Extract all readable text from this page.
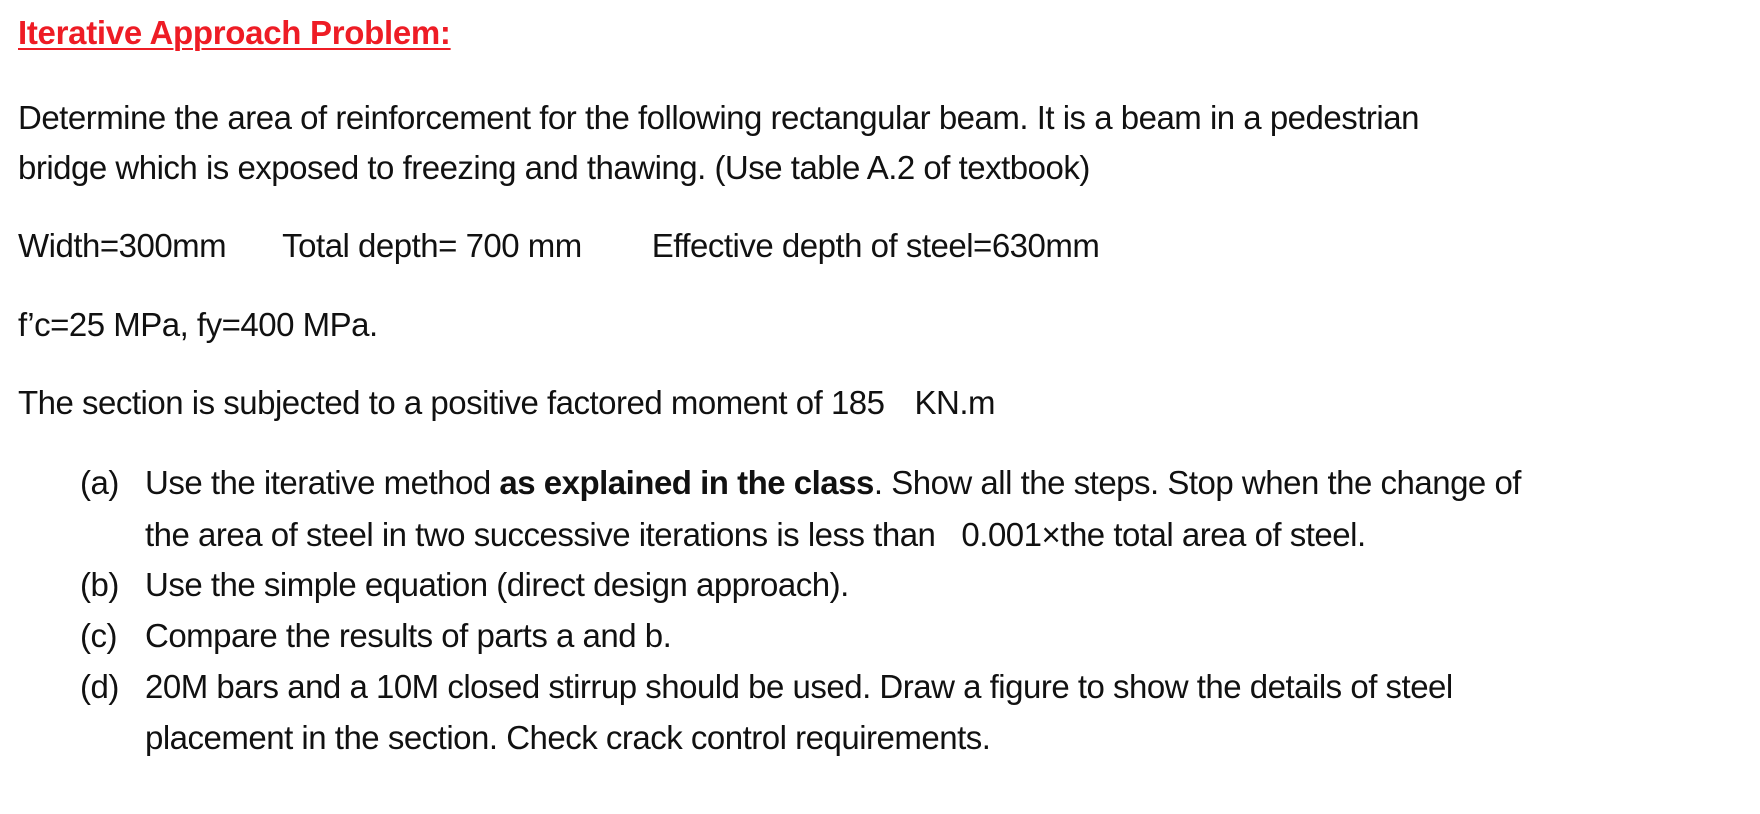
Iterative Approach Problem:
Determine the area of reinforcement for the following rectangular beam. It is a beam in a pedestrian
bridge which is exposed to freezing and thawing. (Use table A.2 of textbook)
Width=300mm Total depth= 700 mm Effective depth of steel=630mm
f’c=25 MPa, fy=400 MPa.
The section is subjected to a positive factored moment of 185 KN.m
(a) Use the iterative method as explained in the class. Show all the steps. Stop when the change of
the area of steel in two successive iterations is less than 0.001×the total area of steel.
(b) Use the simple equation (direct design approach).
(c) Compare the results of parts a and b.
(d) 20M bars and a 10M closed stirrup should be used. Draw a figure to show the details of steel
placement in the section. Check crack control requirements.
